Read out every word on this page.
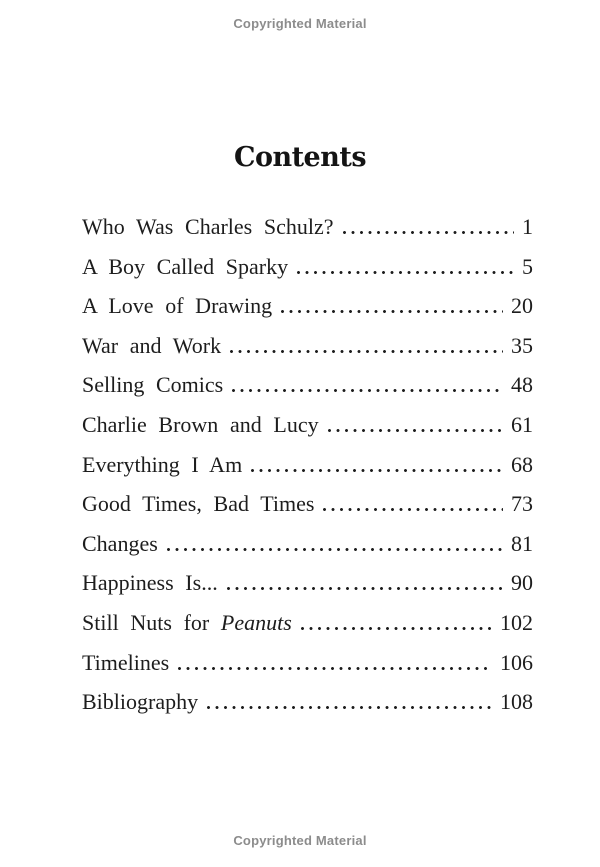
Copyrighted Material
Contents
Who Was Charles Schulz?	1
A Boy Called Sparky	5
A Love of Drawing	20
War and Work	35
Selling Comics	48
Charlie Brown and Lucy	61
Everything I Am	68
Good Times, Bad Times	73
Changes	81
Happiness Is...	90
Still Nuts for Peanuts	102
Timelines	106
Bibliography	108
Copyrighted Material
